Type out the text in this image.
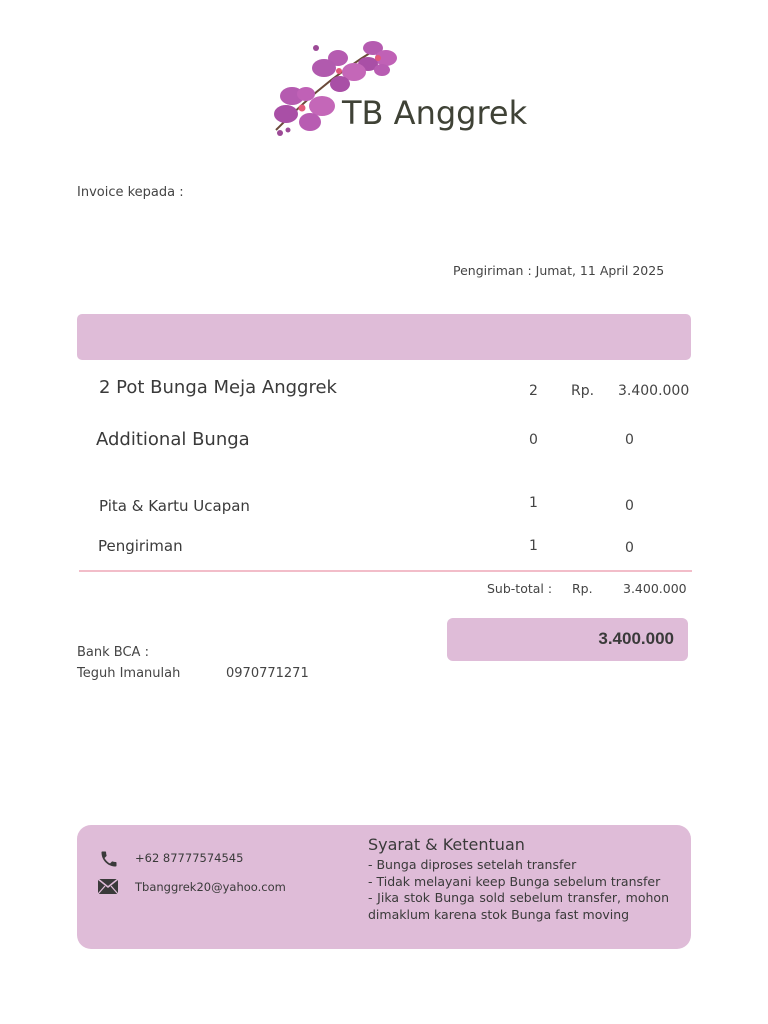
TB Anggrek
Invoice kepada :
Pengiriman : Jumat, 11 April 2025
2 Pot Bunga Meja Anggrek	2 Rp. 3.400.000
Additional Bunga	0	0
Pita & Kartu Ucapan	1	0
Pengiriman	1	0
Sub-total : Rp. 3.400.000
3.400.000
Bank BCA :
Teguh Imanulah	0970771271
+62 87777574545
Tbanggrek20@yahoo.com
Syarat & Ketentuan
- Bunga diproses setelah transfer
- Tidak melayani keep Bunga sebelum transfer
- Jika stok Bunga sold sebelum transfer, mohon dimaklum karena stok Bunga fast moving
